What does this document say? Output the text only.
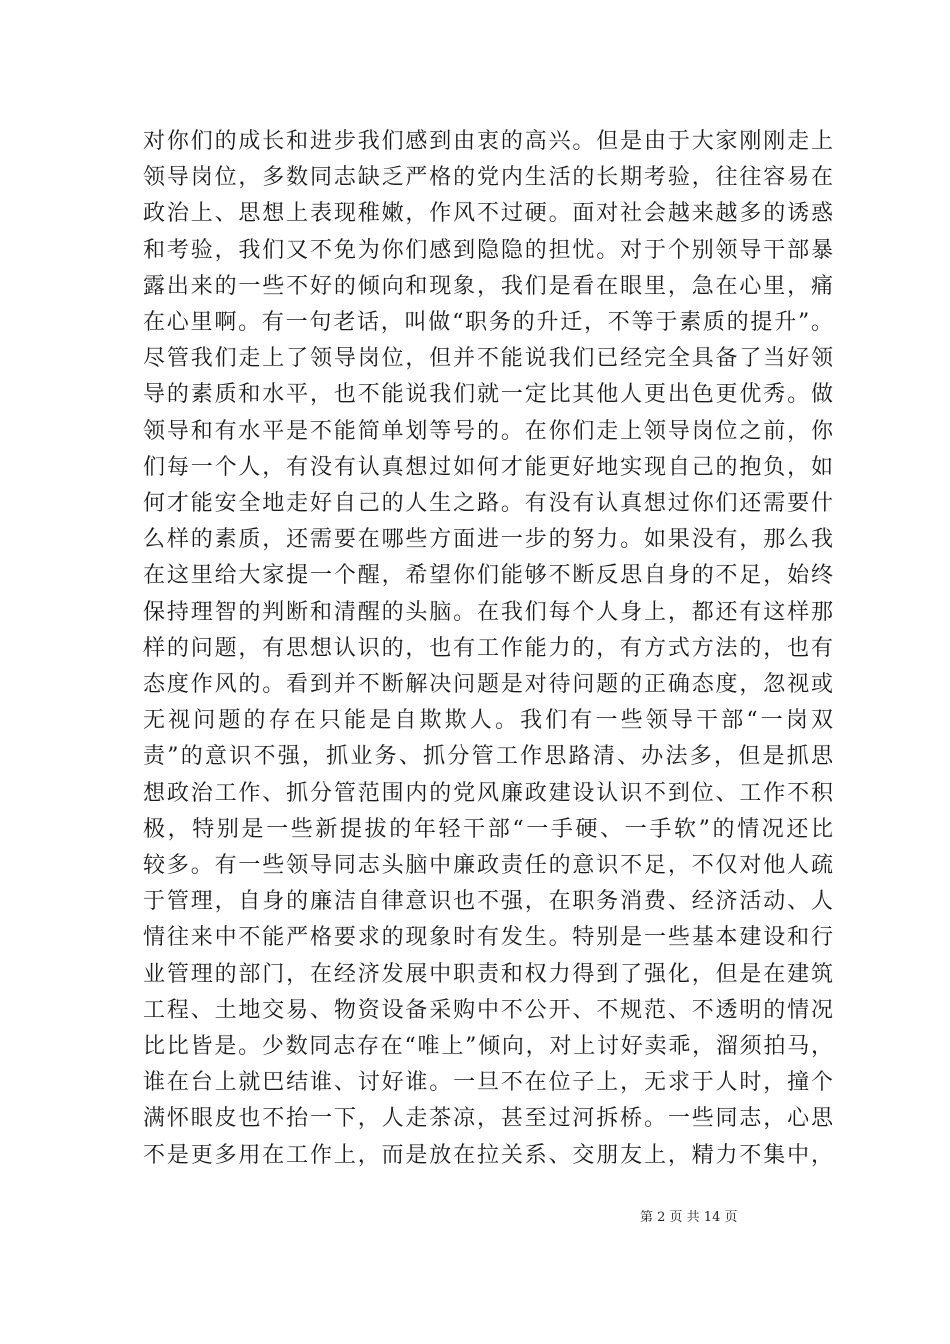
对你们的成长和进步我们感到由衷的高兴。但是由于大家刚刚走上
领导岗位，多数同志缺乏严格的党内生活的长期考验，往往容易在
政治上、思想上表现稚嫩，作风不过硬。面对社会越来越多的诱惑
和考验，我们又不免为你们感到隐隐的担忧。对于个别领导干部暴
露出来的一些不好的倾向和现象，我们是看在眼里，急在心里，痛
在心里啊。有一句老话，叫做“职务的升迁，不等于素质的提升”。
尽管我们走上了领导岗位，但并不能说我们已经完全具备了当好领
导的素质和水平，也不能说我们就一定比其他人更出色更优秀。做
领导和有水平是不能简单划等号的。在你们走上领导岗位之前，你
们每一个人，有没有认真想过如何才能更好地实现自己的抱负，如
何才能安全地走好自己的人生之路。有没有认真想过你们还需要什
么样的素质，还需要在哪些方面进一步的努力。如果没有，那么我
在这里给大家提一个醒，希望你们能够不断反思自身的不足，始终
保持理智的判断和清醒的头脑。在我们每个人身上，都还有这样那
样的问题，有思想认识的，也有工作能力的，有方式方法的，也有
态度作风的。看到并不断解决问题是对待问题的正确态度，忽视或
无视问题的存在只能是自欺欺人。我们有一些领导干部“一岗双
责”的意识不强，抓业务、抓分管工作思路清、办法多，但是抓思
想政治工作、抓分管范围内的党风廉政建设认识不到位、工作不积
极，特别是一些新提拔的年轻干部“一手硬、一手软”的情况还比
较多。有一些领导同志头脑中廉政责任的意识不足，不仅对他人疏
于管理，自身的廉洁自律意识也不强，在职务消费、经济活动、人
情往来中不能严格要求的现象时有发生。特别是一些基本建设和行
业管理的部门，在经济发展中职责和权力得到了强化，但是在建筑
工程、土地交易、物资设备采购中不公开、不规范、不透明的情况
比比皆是。少数同志存在“唯上”倾向，对上讨好卖乖，溜须拍马，
谁在台上就巴结谁、讨好谁。一旦不在位子上，无求于人时，撞个
满怀眼皮也不抬一下，人走茶凉，甚至过河拆桥。一些同志，心思
不是更多用在工作上，而是放在拉关系、交朋友上，精力不集中，
第 2 页 共 14 页
